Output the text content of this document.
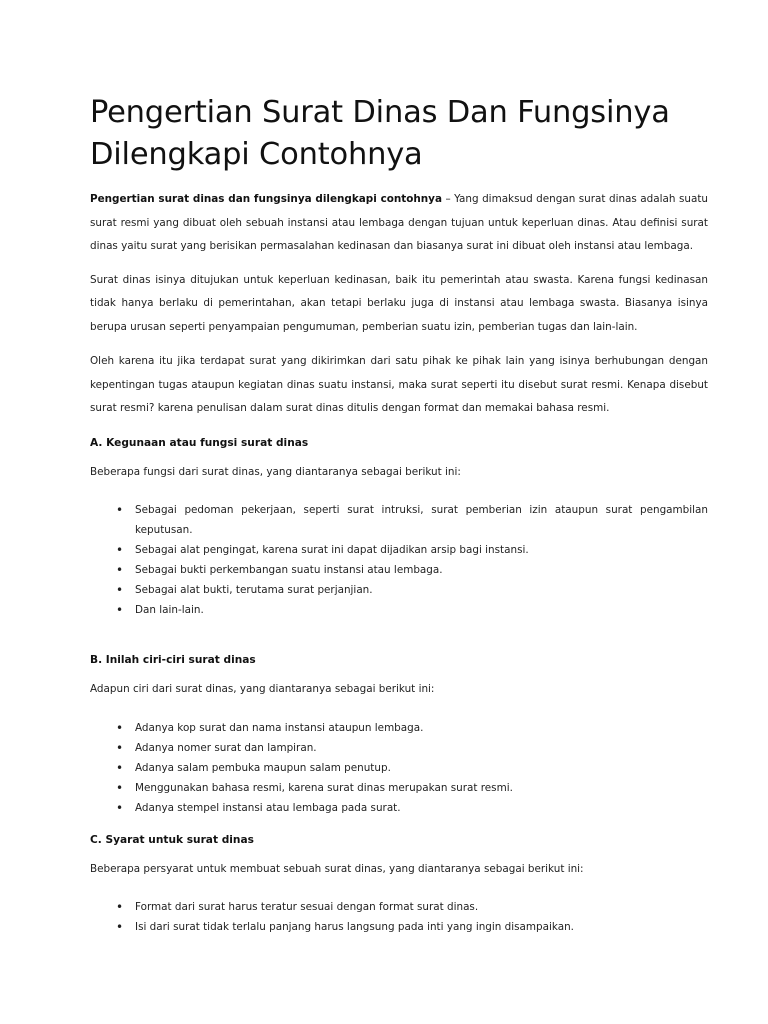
Pengertian Surat Dinas Dan Fungsinya Dilengkapi Contohnya

Pengertian surat dinas dan fungsinya dilengkapi contohnya – Yang dimaksud dengan surat dinas adalah suatu surat resmi yang dibuat oleh sebuah instansi atau lembaga dengan tujuan untuk keperluan dinas. Atau definisi surat dinas yaitu surat yang berisikan permasalahan kedinasan dan biasanya surat ini dibuat oleh instansi atau lembaga.

Surat dinas isinya ditujukan untuk keperluan kedinasan, baik itu pemerintah atau swasta. Karena fungsi kedinasan tidak hanya berlaku di pemerintahan, akan tetapi berlaku juga di instansi atau lembaga swasta. Biasanya isinya berupa urusan seperti penyampaian pengumuman, pemberian suatu izin, pemberian tugas dan lain-lain.

Oleh karena itu jika terdapat surat yang dikirimkan dari satu pihak ke pihak lain yang isinya berhubungan dengan kepentingan tugas ataupun kegiatan dinas suatu instansi, maka surat seperti itu disebut surat resmi. Kenapa disebut surat resmi? karena penulisan dalam surat dinas ditulis dengan format dan memakai bahasa resmi.

A. Kegunaan atau fungsi surat dinas

Beberapa fungsi dari surat dinas, yang diantaranya sebagai berikut ini:

• Sebagai pedoman pekerjaan, seperti surat intruksi, surat pemberian izin ataupun surat pengambilan keputusan.
• Sebagai alat pengingat, karena surat ini dapat dijadikan arsip bagi instansi.
• Sebagai bukti perkembangan suatu instansi atau lembaga.
• Sebagai alat bukti, terutama surat perjanjian.
• Dan lain-lain.
B. Inilah ciri-ciri surat dinas

Adapun ciri dari surat dinas, yang diantaranya sebagai berikut ini:

• Adanya kop surat dan nama instansi ataupun lembaga.
• Adanya nomer surat dan lampiran.
• Adanya salam pembuka maupun salam penutup.
• Menggunakan bahasa resmi, karena surat dinas merupakan surat resmi.
• Adanya stempel instansi atau lembaga pada surat.
C. Syarat untuk surat dinas

Beberapa persyarat untuk membuat sebuah surat dinas, yang diantaranya sebagai berikut ini:

• Format dari surat harus teratur sesuai dengan format surat dinas.
• Isi dari surat tidak terlalu panjang harus langsung pada inti yang ingin disampaikan.
